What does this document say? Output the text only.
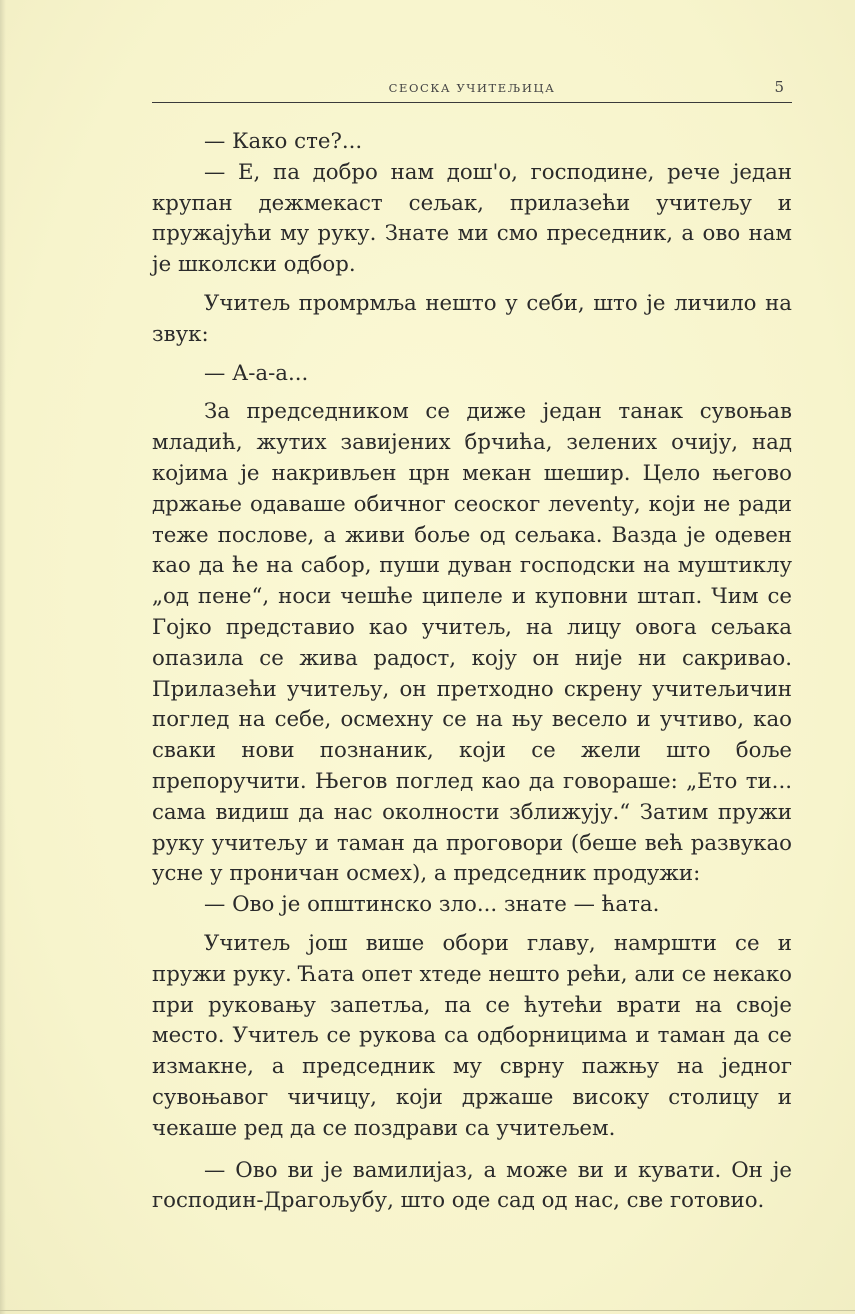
СЕОСКА УЧИТЕЉИЦА	5

— Како сте?...

— Е, па добро нам дош'о, господине, рече један крупан дежмекаст сељак, прилазећи учитељу и пружајући му руку. Знате ми смо преседник, а ово нам је школски одбор.

Учитељ промрмља нешто у себи, што је личило на звук:

— А-а-а...

За председником се диже један танак сувоњав младић, жутих завијених брчића, зелених очију, над којима је накривљен црн мекан шешир. Цело његово држање одаваше обичног сеоског леventу, који не ради теже послове, а живи боље од сељака. Вазда је одевен као да ће на сабор, пуши дуван господски на муштиклу „од пене“, носи чешће ципеле и куповни штап. Чим се Гојко представио као учитељ, на лицу овога сељака опазила се жива радост, коју он није ни сакривао. Прилазећи учитељу, он претходно скрену учитељичин поглед на себе, осмехну се на њу весело и учтиво, као сваки нови познаник, који се жели што боље препоручити. Његов поглед као да говораше: „Ето ти... сама видиш да нас околности зближују.“ Затим пружи руку учитељу и таман да проговори (беше већ развукао усне у проничан осмех), а председник продужи:

— Ово је општинско зло... знате — ћата.

Учитељ још више обори главу, намршти се и пружи руку. Ћата опет хтеде нешто рећи, али се некако при руковању запетља, па се ћутећи врати на своје место. Учитељ се рукова са одборницима и таман да се измакне, а председник му сврну пажњу на једног сувоњавог чичицу, који држаше високу столицу и чекаше ред да се поздрави са учитељем.

— Ово ви је вамилијаз, а може ви и кувати. Он је господин-Драгољубу, што оде сад од нас, све готовио.
